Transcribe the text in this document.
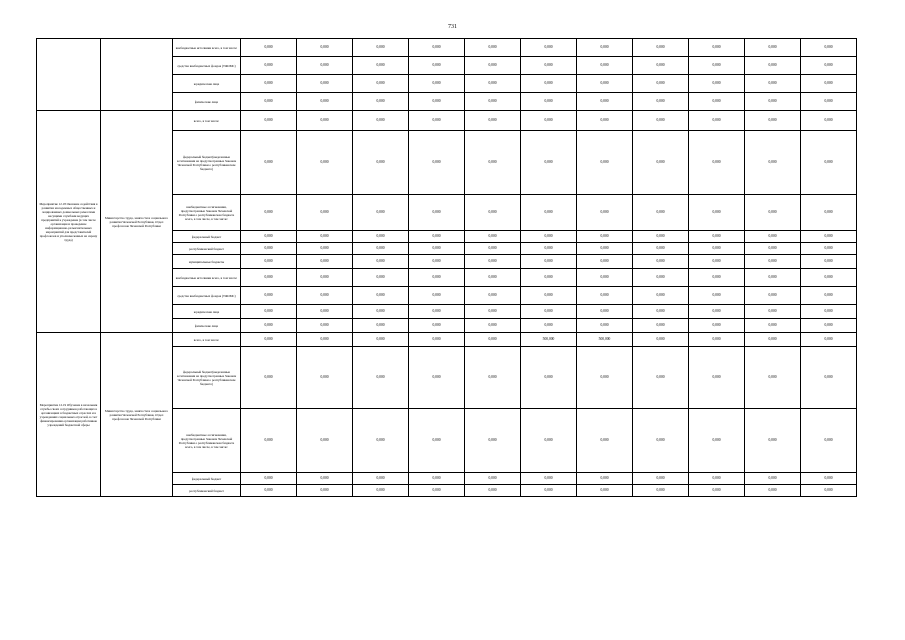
731
		внебюджетные источники всего, в том числе:	0,000	0,000	0,000	0,000	0,000	0,000	0,000	0,000	0,000	0,000	0,000
		средства внебюджетных фондов (ТФОМС)	0,000	0,000	0,000	0,000	0,000	0,000	0,000	0,000	0,000	0,000	0,000
		юридические лица	0,000	0,000	0,000	0,000	0,000	0,000	0,000	0,000	0,000	0,000	0,000
		физические лица	0,000	0,000	0,000	0,000	0,000	0,000	0,000	0,000	0,000	0,000	0,000
Мероприятие 12.18 Оказание содействия в развитии молодежных общественных и лоцированных дошкольных ремеслами несущими службами ведущих предприятий к учреждение (в том числе организация и проведение информационно-разъяснительных мероприятий для представителей профсоюзов и уполномоченных на охрану труда)	Министерство труда, занятости и социального развития Чеченской Республики, Отдел профсоюзов Чеченской Республики	всего, в том числе:	0,000	0,000	0,000	0,000	0,000	0,000	0,000	0,000	0,000	0,000	0,000
		федеральный бюджет(выделенные ассигнования на предусмотренные Законом Чеченской Республики о республиканском бюджете)	0,000	0,000	0,000	0,000	0,000	0,000	0,000	0,000	0,000	0,000	0,000
		внебюджетные ассигнования, предусмотренные Законом Чеченской Республики о республиканском бюджете всего, в том числе, в том числе:	0,000	0,000	0,000	0,000	0,000	0,000	0,000	0,000	0,000	0,000	0,000
		федеральный бюджет	0,000	0,000	0,000	0,000	0,000	0,000	0,000	0,000	0,000	0,000	0,000
		республиканский бюджет	0,000	0,000	0,000	0,000	0,000	0,000	0,000	0,000	0,000	0,000	0,000
		муниципальные бюджеты	0,000	0,000	0,000	0,000	0,000	0,000	0,000	0,000	0,000	0,000	0,000
		внебюджетные источники всего, в том числе:	0,000	0,000	0,000	0,000	0,000	0,000	0,000	0,000	0,000	0,000	0,000
		средства внебюджетных фондов (ТФОМС)	0,000	0,000	0,000	0,000	0,000	0,000	0,000	0,000	0,000	0,000	0,000
		юридические лица	0,000	0,000	0,000	0,000	0,000	0,000	0,000	0,000	0,000	0,000	0,000
		физические лица	0,000	0,000	0,000	0,000	0,000	0,000	0,000	0,000	0,000	0,000	0,000
Мероприятие 12.19 Обучение в начальник службы своих сотрудников работающих в организациях в бюджетных отраслях и в учреждениях социальных отраслей, в счет финансирования организации работников учреждений бюджетной сферы	Министерство труда, занятости и социального развития Чеченской Республики, Отдел профсоюзов Чеченской Республики	всего, в том числе:	0,000	0,000	0,000	0,000	0,000	500,000	500,000	0,000	0,000	0,000	0,000
		федеральный бюджет(выделенные ассигнования на предусмотренные Законом Чеченской Республики о республиканском бюджете)	0,000	0,000	0,000	0,000	0,000	0,000	0,000	0,000	0,000	0,000	0,000
		внебюджетные ассигнования, предусмотренные Законом Чеченской Республики о республиканском бюджете всего, в том числе, в том числе:	0,000	0,000	0,000	0,000	0,000	0,000	0,000	0,000	0,000	0,000	0,000
		федеральный бюджет	0,000	0,000	0,000	0,000	0,000	0,000	0,000	0,000	0,000	0,000	0,000
		республиканский бюджет	0,000	0,000	0,000	0,000	0,000	0,000	0,000	0,000	0,000	0,000	0,000
